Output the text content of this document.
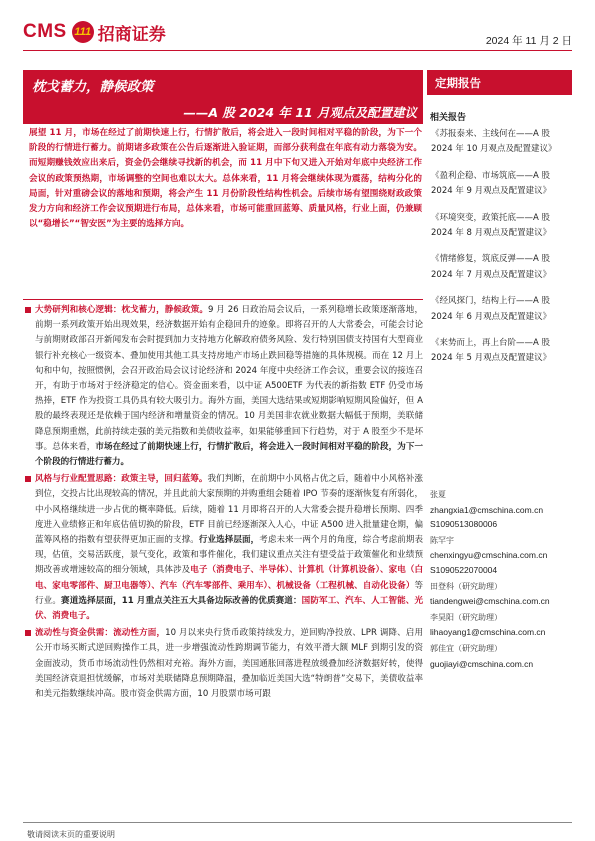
CMS 111 招商证券	2024 年 11 月 2 日
枕戈蓄力，静候政策
——A 股 2024 年 11 月观点及配置建议
定期报告
展望 11 月，市场在经过了前期快速上行，行情扩散后，将会进入一段时间相对平稳的阶段，为下一个阶段的行情进行蓄力。前期诸多政策在公告后逐渐进入验证期，而部分获利盘在年底有动力落袋为安。而短期赚钱效应出来后，资金仍会继续寻找新的机会，而 11 月中下旬又进入开始对年底中央经济工作会议的政策预热期，市场调整的空间也难以太大。总体来看，11 月将会继续体现为震荡，结构分化的局面，针对重磅会议的落地和预期，将会产生 11 月份阶段性结构性机会。后续市场有望围绕财政政策发力方向和经济工作会议预期进行布局，总体来看，市场可能重回蓝筹、质量风格，行业上面，仍兼顾以“稳增长”“智安医”为主要的选择方向。
大势研判和核心逻辑：枕戈蓄力，静候政策。9 月 26 日政治局会议后，一系列稳增长政策逐渐落地，前期一系列政策开始出现效果，经济数据开始有企稳回升的迹象。即将召开的人大常委会，可能会讨论与前期财政部召开新闻发布会时提到加力支持地方化解政府债务风险、发行特别国债支持国有大型商业银行补充核心一级资本、叠加使用其他工具支持房地产市场止跌回稳等措施的具体规模。而在 12 月上旬和中旬，按照惯例，会召开政治局会议讨论经济和 2024 年度中央经济工作会议，重要会议的接连召开，有助于市场对于经济稳定的信心。资金面来看，以中证 A500ETF 为代表的新指数 ETF 仍受市场热捧，ETF 作为投资工具仍具有较大吸引力。海外方面，美国大选结果或短期影响短期风险偏好，但 A 股的最终表现还是依赖于国内经济和增量资金的情况。10 月美国非农就业数据大幅低于预期，美联储降息预期重燃，此前持续走强的美元指数和美债收益率，如果能够重回下行趋势，对于 A 股至少不是坏事。总体来看，市场在经过了前期快速上行，行情扩散后，将会进入一段时间相对平稳的阶段，为下一个阶段的行情进行蓄力。
风格与行业配置思路：政策主导，回归蓝筹。我们判断，在前期中小风格占优之后，随着中小风格补涨到位，交投占比出现较高的情况，并且此前大家预期的并购重组会随着 IPO 节奏的逐渐恢复有所弱化，中小风格继续进一步占优的概率降低。后续，随着 11 月即将召开的人大常委会提升稳增长预期、四季度进入业绩修正和年底估值切换的阶段，ETF 目前已经逐渐深入人心，中证 A500 进入批量建仓期，偏蓝筹风格的指数有望获得更加正面的支撑。行业选择层面，考虑未来一两个月的角度，综合考虑前期表现，估值，交易活跃度，景气变化，政策和事件催化，我们建议重点关注有望受益于政策催化和业绩预期改善或增速较高的细分领域，具体涉及电子（消费电子、半导体）、计算机（计算机设备）、家电（白电、家电零部件、厨卫电器等）、汽车（汽车零部件、乘用车）、机械设备（工程机械、自动化设备）等行业。赛道选择层面，11 月重点关注五大具备边际改善的优质赛道：国防军工、汽车、人工智能、光伏、消费电子。
流动性与资金供需：流动性方面，10 月以来央行货币政策持续发力，逆回购净投放、LPR 调降、启用公开市场买断式逆回购操作工具，进一步增强流动性跨期调节能力，有效平滑大额 MLF 到期引发的资金面波动，货币市场流动性仍然相对充裕。海外方面，美国通胀回落进程放缓叠加经济数据好转，使得美国经济衰退担忧缓解，市场对美联储降息预期降温，叠加临近美国大选“特朗普”交易下，美债收益率和美元指数继续冲高。股市资金供需方面，10 月股票市场可跟
相关报告
《苏报泰来、主线何在——A 股 2024 年 10 月观点及配置建议》
《盈利企稳、市场筑底——A 股 2024 年 9 月观点及配置建议》
《环境突变，政策托底——A 股 2024 年 8 月观点及配置建议》
《情绪修复，筑底反弹——A 股 2024 年 7 月观点及配置建议》
《经风探门，结构上行——A 股 2024 年 6 月观点及配置建议》
《来势而上，再上台阶——A 股 2024 年 5 月观点及配置建议》
张夏
zhangxia1@cmschina.com.cn
S1090513080006
陈罕宇
chenxingyu@cmschina.com.cn
S1090522070004
田登科（研究助理）
tiandengwei@cmschina.com.cn
李昊阳（研究助理）
lihaoyang1@cmschina.com.cn
郭佳宜（研究助理）
guojiayi@cmschina.com.cn
敬请阅读末页的重要说明
